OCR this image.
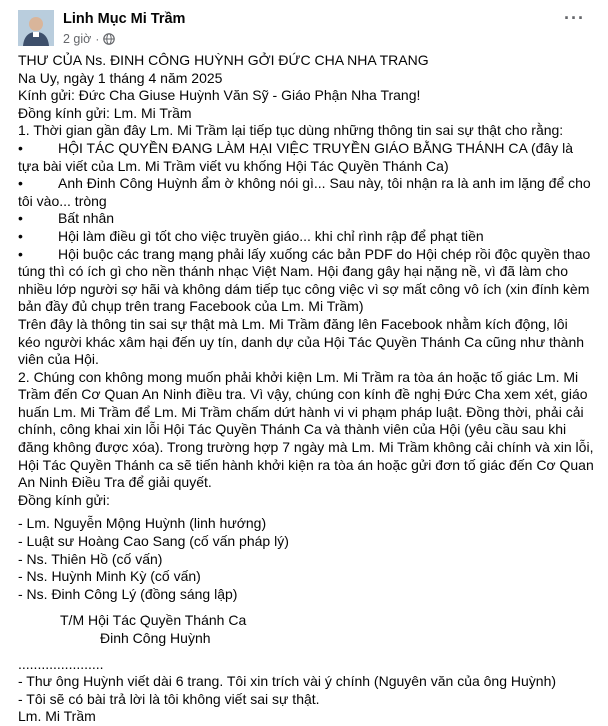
Linh Mục Mi Trầm
2 giờ ·
···

THƯ CỦA Ns. ĐINH CÔNG HUỲNH GỞI ĐỨC CHA NHA TRANG

Na Uy, ngày 1 tháng 4 năm 2025

Kính gửi: Đức Cha Giuse Huỳnh Văn Sỹ - Giáo Phận Nha Trang!

Đồng kính gửi: Lm. Mi Trầm

1. Thời gian gần đây Lm. Mi Trầm lại tiếp tục dùng những thông tin sai sự thật cho rằng:

•	HỘI TÁC QUYỀN ĐANG LÀM HẠI VIỆC TRUYỀN GIÁO BẰNG THÁNH CA (đây là tựa bài viết của Lm. Mi Trầm viết vu khống Hội Tác Quyền Thánh Ca)

•	Anh Đinh Công Huỳnh ẩm ờ không nói gì... Sau này, tôi nhận ra là anh im lặng để cho tôi vào... tròng

•	Bất nhân

•	Hội làm điều gì tốt cho việc truyền giáo... khi chỉ rình rập để phạt tiền

•	Hội buộc các trang mạng phải lấy xuống các bản PDF do Hội chép rồi độc quyền thao túng thì có ích gì cho nền thánh nhạc Việt Nam. Hội đang gây hại nặng nề, vì đã làm cho nhiều lớp người sợ hãi và không dám tiếp tục công việc vì sợ mất công vô ích (xin đính kèm bản đầy đủ chụp trên trang Facebook của Lm. Mi Trầm)

Trên đây là thông tin sai sự thật mà Lm. Mi Trầm đăng lên Facebook nhằm kích động, lôi kéo người khác xâm hại đến uy tín, danh dự của Hội Tác Quyền Thánh Ca cũng như thành viên của Hội.

2. Chúng con không mong muốn phải khởi kiện Lm. Mi Trầm ra tòa án hoặc tố giác Lm. Mi Trầm đến Cơ Quan An Ninh điều tra. Vì vậy, chúng con kính đề nghị Đức Cha xem xét, giáo huấn Lm. Mi Trầm để Lm. Mi Trầm chấm dứt hành vi vi phạm pháp luật. Đồng thời, phải cải chính, công khai xin lỗi Hội Tác Quyền Thánh Ca và thành viên của Hội (yêu cầu sau khi đăng không được xóa). Trong trường hợp 7 ngày mà Lm. Mi Trầm không cải chính và xin lỗi, Hội Tác Quyền Thánh ca sẽ tiến hành khởi kiện ra tòa án hoặc gửi đơn tố giác đến Cơ Quan An Ninh Điều Tra để giải quyết.

Đồng kính gửi:

- Lm. Nguyễn Mộng Huỳnh (linh hướng)

- Luật sư Hoàng Cao Sang (cố vấn pháp lý)

- Ns. Thiên Hồ (cố vấn)

- Ns. Huỳnh Minh Kỳ (cố vấn)

- Ns. Đinh Công Lý (đồng sáng lập)

T/M Hội Tác Quyền Thánh Ca

Đinh Công Huỳnh

......................

- Thư ông Huỳnh viết dài 6 trang. Tôi xin trích vài ý chính (Nguyên văn của ông Huỳnh)

- Tôi sẽ có bài trả lời là tôi không viết sai sự thật.

Lm. Mi Trầm
